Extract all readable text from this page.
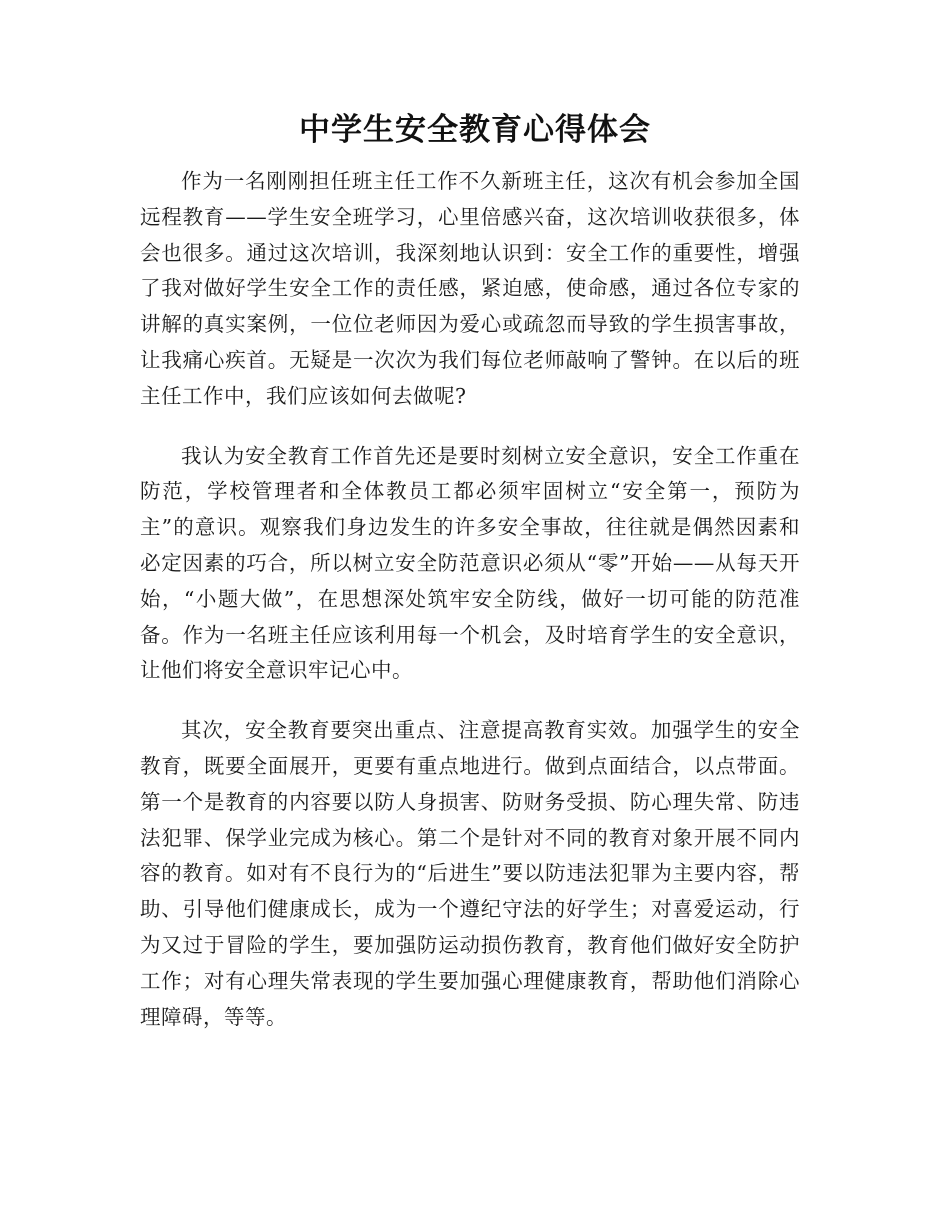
中学生安全教育心得体会

作为一名刚刚担任班主任工作不久新班主任，这次有机会参加全国远程教育——学生安全班学习，心里倍感兴奋，这次培训收获很多，体会也很多。通过这次培训，我深刻地认识到：安全工作的重要性，增强了我对做好学生安全工作的责任感，紧迫感，使命感，通过各位专家的讲解的真实案例，一位位老师因为爱心或疏忽而导致的学生损害事故，让我痛心疾首。无疑是一次次为我们每位老师敲响了警钟。在以后的班主任工作中，我们应该如何去做呢?

我认为安全教育工作首先还是要时刻树立安全意识，安全工作重在防范，学校管理者和全体教员工都必须牢固树立“安全第一，预防为主”的意识。观察我们身边发生的许多安全事故，往往就是偶然因素和必定因素的巧合，所以树立安全防范意识必须从“零”开始——从每天开始，“小题大做”，在思想深处筑牢安全防线，做好一切可能的防范准备。作为一名班主任应该利用每一个机会，及时培育学生的安全意识，让他们将安全意识牢记心中。

其次，安全教育要突出重点、注意提高教育实效。加强学生的安全教育，既要全面展开，更要有重点地进行。做到点面结合，以点带面。第一个是教育的内容要以防人身损害、防财务受损、防心理失常、防违法犯罪、保学业完成为核心。第二个是针对不同的教育对象开展不同内容的教育。如对有不良行为的“后进生”要以防违法犯罪为主要内容，帮助、引导他们健康成长，成为一个遵纪守法的好学生；对喜爱运动，行为又过于冒险的学生，要加强防运动损伤教育，教育他们做好安全防护工作；对有心理失常表现的学生要加强心理健康教育，帮助他们消除心理障碍，等等。
